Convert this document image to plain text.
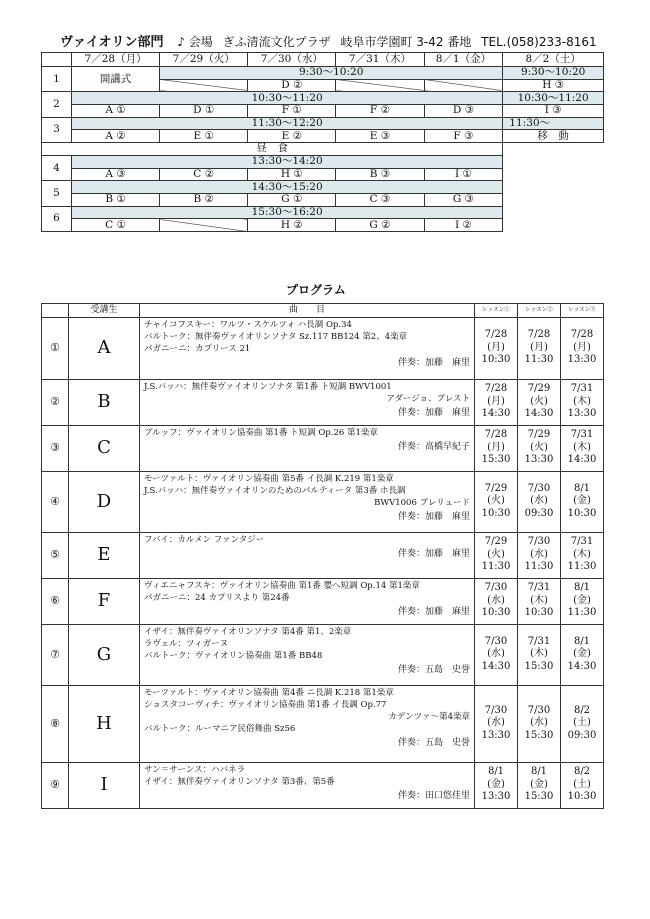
ヴァイオリン部門 ♪ 会場 ぎふ清流文化プラザ 岐阜市学園町 3-42 番地 TEL.(058)233-8161
	7／28（月）	7／29（火）	7／30（水）	7／31（木）	8／1（金）	8／2（土）
1	開講式	9:30～10:20				9:30～10:20
			D ②			H ③
2	10:30～11:20					10:30～11:20
	A ①	D ①	F ①	F ②	D ③	I ③
3	11:30～12:20					11:30～
	A ②	E ①	E ②	E ③	F ③	移　動
昼　食						
4	13:30～14:20					
	A ③	C ②	H ①	B ③	I ①	
5	14:30～15:20					
	B ①	B ②	G ①	C ③	G ③	
6	15:30～16:20					
	C ①		H ②	G ②	I ②	
プログラム
	受講生	曲　　目	レッスン①	レッスン②	レッスン③
①	A	チャイコフスキー：ワルツ・スケルツォ ハ長調 Op.34
バルトーク：無伴奏ヴァイオリンソナタ Sz.117 BB124 第2、4楽章
パガニーニ：カプリース 21
伴奏：加藤　麻里	7/28
(月)
10:30	7/28
(月)
11:30	7/28
(月)
13:30

②	B	J.S.バッハ：無伴奏ヴァイオリンソナタ 第1番 ト短調 BWV1001
アダージョ、プレスト
伴奏：加藤　麻里	7/28
(月)
14:30	7/29
(火)
14:30	7/31
(木)
13:30

③	C	ブルッフ：ヴァイオリン協奏曲 第1番 ト短調 Op.26 第1楽章
伴奏：高橋早紀子	7/28
(月)
15:30	7/29
(火)
13:30	7/31
(木)
14:30

④	D	モーツァルト：ヴァイオリン協奏曲 第5番 イ長調 K.219 第1楽章
J.S.バッハ：無伴奏ヴァイオリンのためのパルティータ 第3番 ホ長調
BWV1006 プレリュード
伴奏：加藤　麻里	7/29
(火)
10:30	7/30
(水)
09:30	8/1
(金)
10:30

⑤	E	フバイ：カルメン ファンタジー
伴奏：加藤　麻里	7/29
(火)
11:30	7/30
(水)
11:30	7/31
(木)
11:30

⑥	F	ヴィエニャフスキ：ヴァイオリン協奏曲 第1番 嬰ヘ短調 Op.14 第1楽章
パガニーニ：24 カプリスより 第24番
伴奏：加藤　麻里	7/30
(水)
10:30	7/31
(木)
10:30	8/1
(金)
11:30

⑦	G	イザイ：無伴奏ヴァイオリンソナタ 第4番 第1、2楽章
ラヴェル：ツィガーヌ
バルトーク：ヴァイオリン協奏曲 第1番 BB48
伴奏：五島　史誉	7/30
(水)
14:30	7/31
(木)
15:30	8/1
(金)
14:30

⑧	H	モーツァルト：ヴァイオリン協奏曲 第4番 ニ長調 K.218 第1楽章
ショスタコーヴィチ：ヴァイオリン協奏曲 第1番 イ長調 Op.77
カデンツァ～第4楽章
バルトーク：ルーマニア民俗舞曲 Sz56
伴奏：五島　史誉	7/30
(水)
13:30	7/30
(水)
15:30	8/2
(土)
09:30

⑨	I	サン＝サーンス：ハバネラ
イザイ：無伴奏ヴァイオリンソナタ 第3番、第5番
伴奏：田口悠佳里	8/1
(金)
13:30	8/1
(金)
15:30	8/2
(土)
10:30
